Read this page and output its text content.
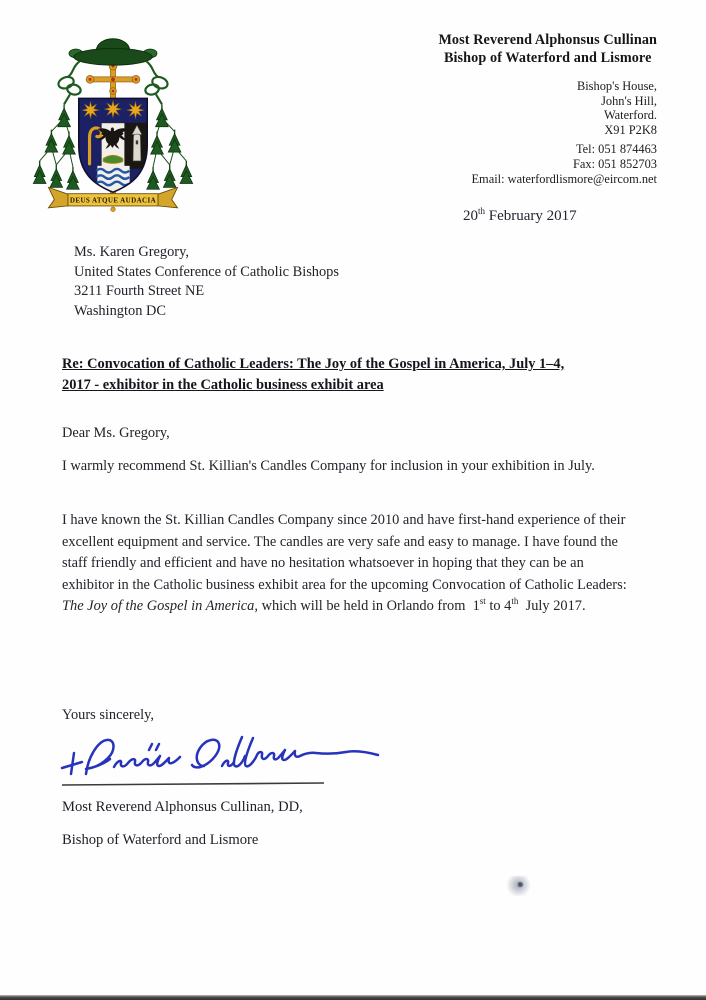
DEUS ATQUE AUDACIA
Most Reverend Alphonsus Cullinan
Bishop of Waterford and Lismore
Bishop's House,
John's Hill,
Waterford.
X91 P2K8
Tel: 051 874463
Fax: 051 852703
Email: waterfordlismore@eircom.net
20th February 2017
Ms. Karen Gregory,
United States Conference of Catholic Bishops
3211 Fourth Street NE
Washington DC
Re: Convocation of Catholic Leaders: The Joy of the Gospel in America, July 1–4,
2017 - exhibitor in the Catholic business exhibit area
Dear Ms. Gregory,
I warmly recommend St. Killian's Candles Company for inclusion in your exhibition in July.
I have known the St. Killian Candles Company since 2010 and have first-hand experience of their excellent equipment and service. The candles are very safe and easy to manage. I have found the staff friendly and efficient and have no hesitation whatsoever in hoping that they can be an exhibitor in the Catholic business exhibit area for the upcoming Convocation of Catholic Leaders: The Joy of the Gospel in America, which will be held in Orlando from  1st to 4th  July 2017.
Yours sincerely,
Most Reverend Alphonsus Cullinan, DD,
Bishop of Waterford and Lismore
